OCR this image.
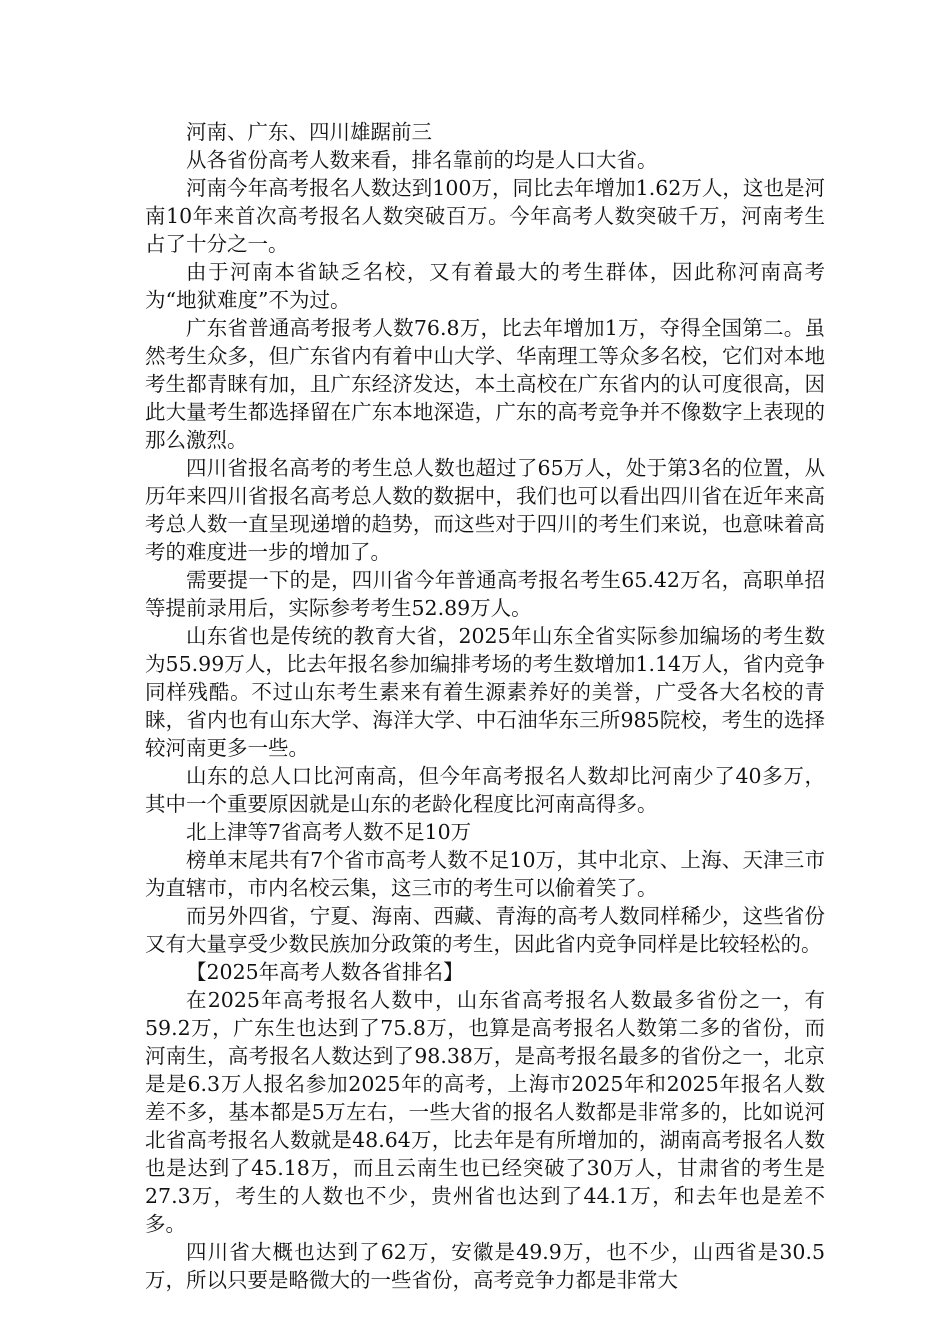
河南、广东、四川雄踞前三

从各省份高考人数来看，排名靠前的均是人口大省。

河南今年高考报名人数达到100万，同比去年增加1.62万人，这也是河南10年来首次高考报名人数突破百万。今年高考人数突破千万，河南考生占了十分之一。

由于河南本省缺乏名校，又有着最大的考生群体，因此称河南高考为“地狱难度”不为过。

广东省普通高考报考人数76.8万，比去年增加1万，夺得全国第二。虽然考生众多，但广东省内有着中山大学、华南理工等众多名校，它们对本地考生都青睐有加，且广东经济发达，本土高校在广东省内的认可度很高，因此大量考生都选择留在广东本地深造，广东的高考竞争并不像数字上表现的那么激烈。

四川省报名高考的考生总人数也超过了65万人，处于第3名的位置，从历年来四川省报名高考总人数的数据中，我们也可以看出四川省在近年来高考总人数一直呈现递增的趋势，而这些对于四川的考生们来说，也意味着高考的难度进一步的增加了。

需要提一下的是，四川省今年普通高考报名考生65.42万名，高职单招等提前录用后，实际参考考生52.89万人。

山东省也是传统的教育大省，2025年山东全省实际参加编场的考生数为55.99万人，比去年报名参加编排考场的考生数增加1.14万人，省内竞争同样残酷。不过山东考生素来有着生源素养好的美誉，广受各大名校的青睐，省内也有山东大学、海洋大学、中石油华东三所985院校，考生的选择较河南更多一些。

山东的总人口比河南高，但今年高考报名人数却比河南少了40多万，其中一个重要原因就是山东的老龄化程度比河南高得多。

北上津等7省高考人数不足10万

榜单末尾共有7个省市高考人数不足10万，其中北京、上海、天津三市为直辖市，市内名校云集，这三市的考生可以偷着笑了。

而另外四省，宁夏、海南、西藏、青海的高考人数同样稀少，这些省份又有大量享受少数民族加分政策的考生，因此省内竞争同样是比较轻松的。

【2025年高考人数各省排名】

在2025年高考报名人数中，山东省高考报名人数最多省份之一，有59.2万，广东生也达到了75.8万，也算是高考报名人数第二多的省份，而河南生，高考报名人数达到了98.38万，是高考报名最多的省份之一，北京是是6.3万人报名参加2025年的高考，上海市2025年和2025年报名人数差不多，基本都是5万左右，一些大省的报名人数都是非常多的，比如说河北省高考报名人数就是48.64万，比去年是有所增加的，湖南高考报名人数也是达到了45.18万，而且云南生也已经突破了30万人，甘肃省的考生是27.3万，考生的人数也不少，贵州省也达到了44.1万，和去年也是差不多。

四川省大概也达到了62万，安徽是49.9万，也不少，山西省是30.5万，所以只要是略微大的一些省份，高考竞争力都是非常大
